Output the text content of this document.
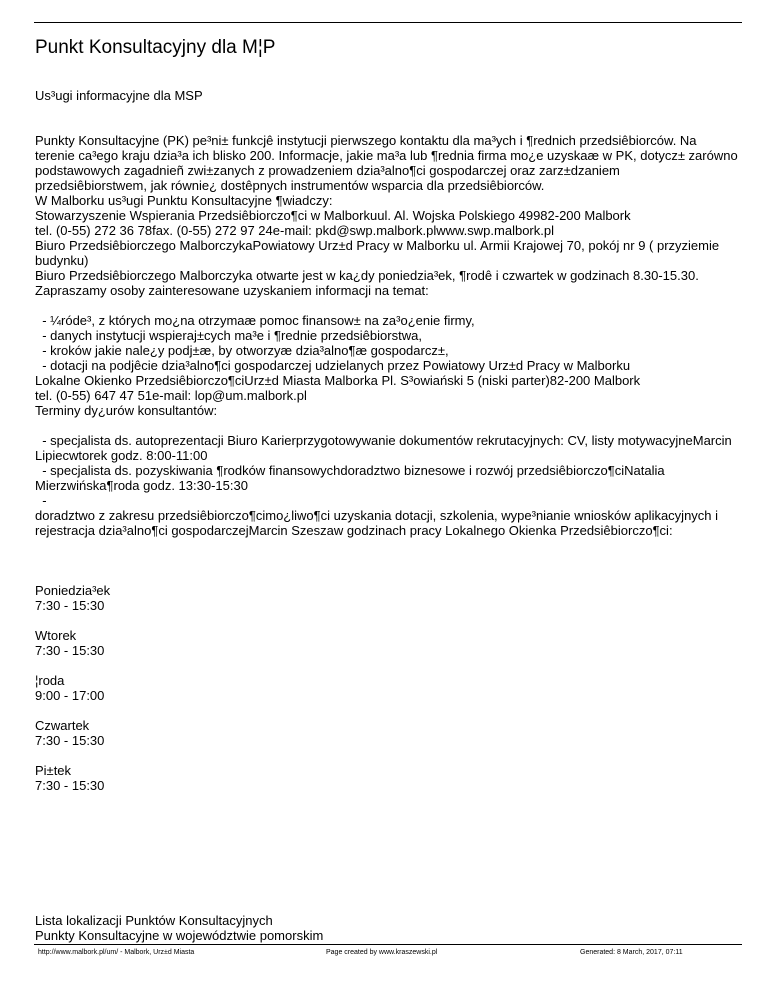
Punkt Konsultacyjny dla M¦P

Us³ugi informacyjne dla MSP

Punkty Konsultacyjne (PK) pe³ni± funkcjê instytucji pierwszego kontaktu dla ma³ych i ¶rednich przedsiêbiorców. Na
terenie ca³ego kraju dzia³a ich blisko 200. Informacje, jakie ma³a lub ¶rednia firma mo¿e uzyskaæ w PK, dotycz± zarówno
podstawowych zagadnieñ zwi±zanych z prowadzeniem dzia³alno¶ci gospodarczej oraz zarz±dzaniem
przedsiêbiorstwem, jak równie¿ dostêpnych instrumentów wsparcia dla przedsiêbiorców.
W Malborku us³ugi Punktu Konsultacyjne ¶wiadczy:
Stowarzyszenie Wspierania Przedsiêbiorczo¶ci w Malborkuul. Al. Wojska Polskiego 49982-200 Malbork
tel. (0-55) 272 36 78fax. (0-55) 272 97 24e-mail: pkd@swp.malbork.plwww.swp.malbork.pl
Biuro Przedsiêbiorczego MalborczykaPowiatowy Urz±d Pracy w Malborku ul. Armii Krajowej 70, pokój nr 9 ( przyziemie
budynku)
Biuro Przedsiêbiorczego Malborczyka otwarte jest w ka¿dy poniedzia³ek, ¶rodê i czwartek w godzinach 8.30-15.30.
Zapraszamy osoby zainteresowane uzyskaniem informacji na temat:
- ¼róde³, z których mo¿na otrzymaæ pomoc finansow± na za³o¿enie firmy,
- danych instytucji wspieraj±cych ma³e i ¶rednie przedsiêbiorstwa,
- kroków jakie nale¿y podj±æ, by otworzyæ dzia³alno¶æ gospodarcz±,
- dotacji na podjêcie dzia³alno¶ci gospodarczej udzielanych przez Powiatowy Urz±d Pracy w Malborku
Lokalne Okienko Przedsiêbiorczo¶ciUrz±d Miasta Malborka Pl. S³owiański 5 (niski parter)82-200 Malbork
tel. (0-55) 647 47 51e-mail: lop@um.malbork.pl
Terminy dy¿urów konsultantów:
- specjalista ds. autoprezentacji Biuro Karierprzygotowywanie dokumentów rekrutacyjnych: CV, listy motywacyjneMarcin
Lipiecwtorek godz. 8:00-11:00
- specjalista ds. pozyskiwania ¶rodków finansowychdoradztwo biznesowe i rozwój przedsiêbiorczo¶ciNatalia
Mierzwińska¶roda godz. 13:30-15:30
-
doradztwo z zakresu przedsiêbiorczo¶cimo¿liwo¶ci uzyskania dotacji, szkolenia, wype³nianie wniosków aplikacyjnych i
rejestracja dzia³alno¶ci gospodarczejMarcin Szeszaw godzinach pracy Lokalnego Okienka Przedsiêbiorczo¶ci:
Poniedzia³ek
7:30 - 15:30
Wtorek
7:30 - 15:30
¦roda
9:00 - 17:00
Czwartek
7:30 - 15:30
Pi±tek
7:30 - 15:30
Lista lokalizacji Punktów Konsultacyjnych
Punkty Konsultacyjne w województwie pomorskim
http://www.malbork.pl/um/ - Malbork, Urz±d Miasta	Page created by www.kraszewski.pl	Generated: 8 March, 2017, 07:11
